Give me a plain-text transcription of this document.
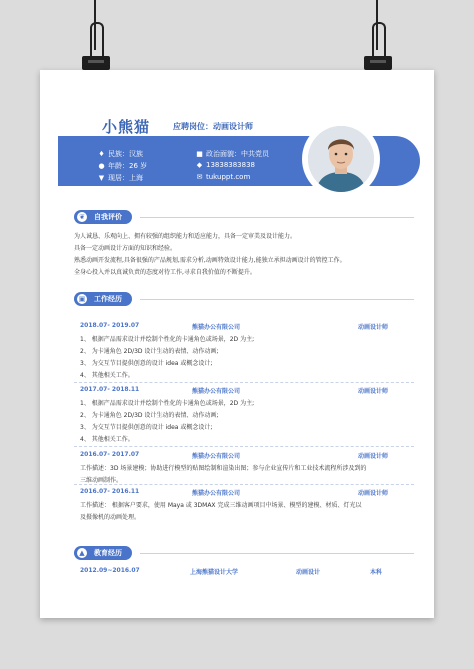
小熊猫	应聘岗位：动画设计师
♦ 民族：汉族
● 年龄：26 岁
▼ 现居：上海
■ 政治面貌：中共党员
◆ 13838383838
✉ tukuppt.com
❦ 自我评价
为人诚恳、乐观向上、拥有较强的组织能力和适应能力，具备一定审美及设计能力。
具备一定动画设计方面的知识和经验。
熟悉动画开发流程,具备很强的产品规划,需求分析,动画特效设计能力,能独立承担动画设计的管控工作。
全身心投入并以真诚负责的态度对待工作,寻求自我价值的不断提升。
▣ 工作经历
2018.07- 2019.07	熊猫办公有限公司	动画设计师
1、 根据产品需求设计并绘制个性化的卡通角色或场景，2D 为主;
2、 为卡通角色 2D/3D 设计生动的表情、动作动画;
3、 为交互节目提供创意的设计 idea 或概念设计;
4、 其他相关工作。
2017.07- 2018.11	熊猫办公有限公司	动画设计师
1、 根据产品需求设计并绘制个性化的卡通角色或场景，2D 为主;
2、 为卡通角色 2D/3D 设计生动的表情、动作动画;
3、 为交互节目提供创意的设计 idea 或概念设计;
4、 其他相关工作。
2016.07- 2017.07	熊猫办公有限公司	动画设计师
工作描述：3D 场景建模；协助进行模型的贴图绘制和渲染出图；参与企业宣传片和工业技术流程所涉及到的
三维动画制作。
2016.07- 2016.11	熊猫办公有限公司	动画设计师
工作描述： 根据客户要求，使用 Maya 或 3DMAX 完成三维动画项目中场景、模型的建模、材质、灯光以
及摄像机的动画处理。
▲	教育经历
2012.09~2016.07	上海熊猫设计大学	动画设计	本科
